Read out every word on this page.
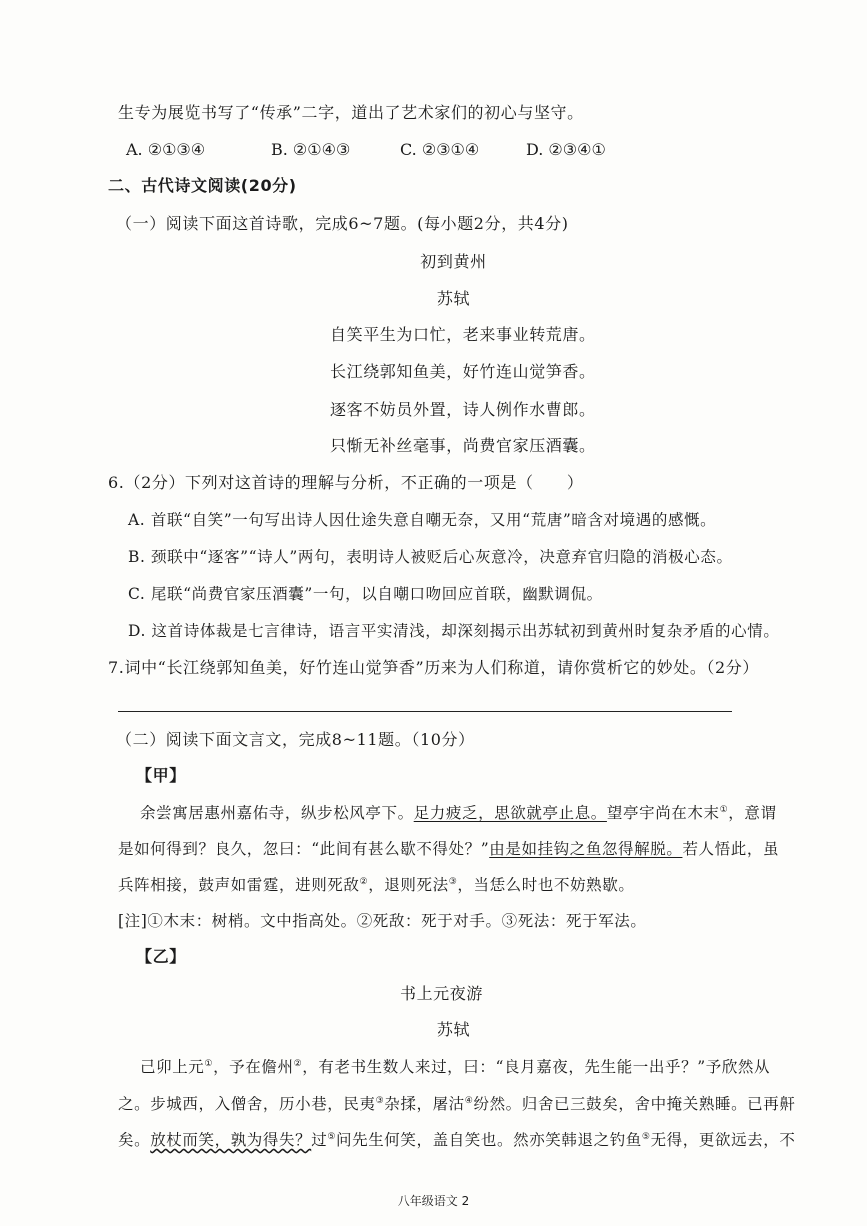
生专为展览书写了“传承”二字，道出了艺术家们的初心与坚守。
A. ②①③④	B. ②①④③	C. ②③①④	D. ②③④①
二、古代诗文阅读(20分)
（一）阅读下面这首诗歌，完成6~7题。(每小题2分，共4分)
初到黄州
苏轼
自笑平生为口忙，老来事业转荒唐。
长江绕郭知鱼美，好竹连山觉笋香。
逐客不妨员外置，诗人例作水曹郎。
只惭无补丝毫事，尚费官家压酒囊。
6.（2分）下列对这首诗的理解与分析，不正确的一项是（　　）
A. 首联“自笑”一句写出诗人因仕途失意自嘲无奈，又用“荒唐”暗含对境遇的感慨。
B. 颈联中“逐客”“诗人”两句，表明诗人被贬后心灰意冷，决意弃官归隐的消极心态。
C. 尾联“尚费官家压酒囊”一句，以自嘲口吻回应首联，幽默调侃。
D. 这首诗体裁是七言律诗，语言平实清浅，却深刻揭示出苏轼初到黄州时复杂矛盾的心情。
7.词中“长江绕郭知鱼美，好竹连山觉笋香”历来为人们称道，请你赏析它的妙处。（2分）
（二）阅读下面文言文，完成8~11题。（10分）
【甲】
余尝寓居惠州嘉佑寺，纵步松风亭下。足力疲乏，思欲就亭止息。望亭宇尚在木末①，意谓
是如何得到？良久，忽曰：“此间有甚么歇不得处？”由是如挂钩之鱼忽得解脱。若人悟此，虽
兵阵相接，鼓声如雷霆，进则死敌②，退则死法③，当恁么时也不妨熟歇。
[注]①木末：树梢。文中指高处。②死敌：死于对手。③死法：死于军法。
【乙】
书上元夜游
苏轼
己卯上元①，予在儋州②，有老书生数人来过，曰：“良月嘉夜，先生能一出乎？”予欣然从
之。步城西，入僧舍，历小巷，民夷③杂揉，屠沽④纷然。归舍已三鼓矣，舍中掩关熟睡。已再鼾
矣。放杖而笑，孰为得失？过⑤问先生何笑，盖自笑也。然亦笑韩退之钓鱼⑤无得，更欲远去，不
八年级语文 2
